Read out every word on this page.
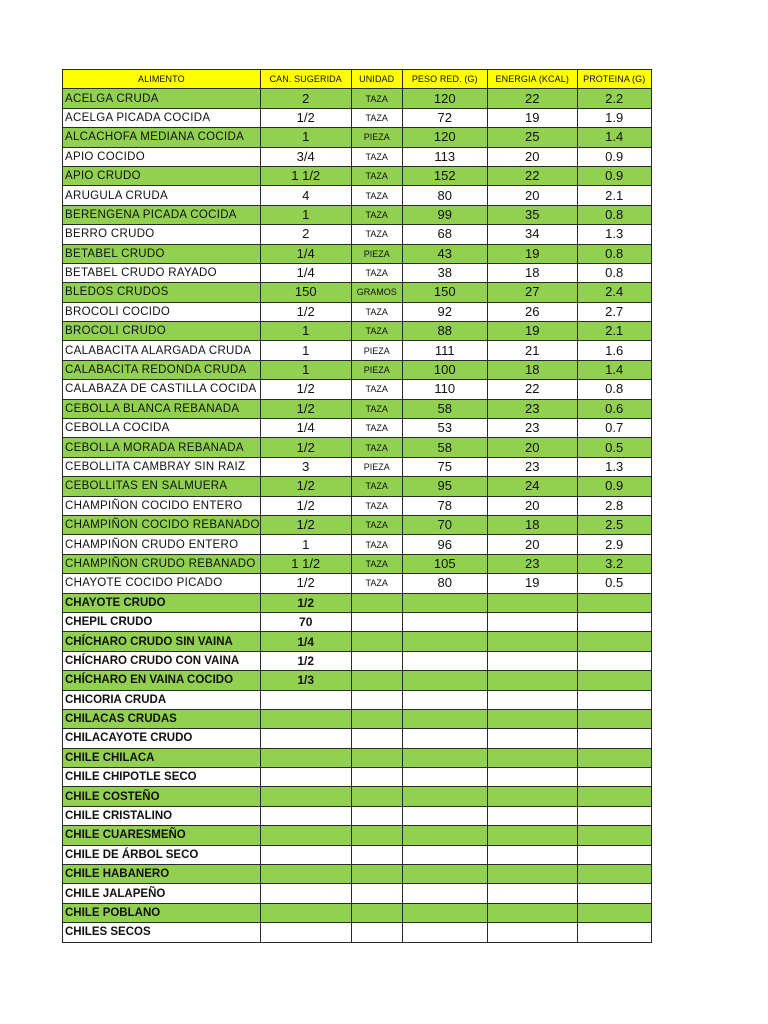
ALIMENTO	CAN. SUGERIDA	UNIDAD	PESO RED. (G)	ENERGIA (KCAL)	PROTEINA (G)
ACELGA CRUDA	2	TAZA	120	22	2.2
ACELGA PICADA COCIDA	1/2	TAZA	72	19	1.9
ALCACHOFA MEDIANA COCIDA	1	PIEZA	120	25	1.4
APIO COCIDO	3/4	TAZA	113	20	0.9
APIO CRUDO	1 1/2	TAZA	152	22	0.9
ARUGULA CRUDA	4	TAZA	80	20	2.1
BERENGENA PICADA COCIDA	1	TAZA	99	35	0.8
BERRO CRUDO	2	TAZA	68	34	1.3
BETABEL CRUDO	1/4	PIEZA	43	19	0.8
BETABEL CRUDO RAYADO	1/4	TAZA	38	18	0.8
BLEDOS CRUDOS	150	GRAMOS	150	27	2.4
BROCOLI COCIDO	1/2	TAZA	92	26	2.7
BROCOLI CRUDO	1	TAZA	88	19	2.1
CALABACITA ALARGADA CRUDA	1	PIEZA	111	21	1.6
CALABACITA REDONDA CRUDA	1	PIEZA	100	18	1.4
CALABAZA DE CASTILLA COCIDA	1/2	TAZA	110	22	0.8
CEBOLLA BLANCA REBANADA	1/2	TAZA	58	23	0.6
CEBOLLA COCIDA	1/4	TAZA	53	23	0.7
CEBOLLA MORADA REBANADA	1/2	TAZA	58	20	0.5
CEBOLLITA CAMBRAY SIN RAIZ	3	PIEZA	75	23	1.3
CEBOLLITAS EN SALMUERA	1/2	TAZA	95	24	0.9
CHAMPIÑON COCIDO ENTERO	1/2	TAZA	78	20	2.8
CHAMPIÑON COCIDO REBANADO	1/2	TAZA	70	18	2.5
CHAMPIÑON CRUDO ENTERO	1	TAZA	96	20	2.9
CHAMPIÑON CRUDO REBANADO	1 1/2	TAZA	105	23	3.2
CHAYOTE COCIDO PICADO	1/2	TAZA	80	19	0.5
CHAYOTE CRUDO	1/2				
CHEPIL CRUDO	70				
CHÍCHARO CRUDO SIN VAINA	1/4				
CHÍCHARO CRUDO CON VAINA	1/2				
CHÍCHARO EN VAINA COCIDO	1/3				
CHICORIA CRUDA					
CHILACAS CRUDAS					
CHILACAYOTE CRUDO					
CHILE CHILACA					
CHILE CHIPOTLE SECO					
CHILE COSTEÑO					
CHILE CRISTALINO					
CHILE CUARESMEÑO					
CHILE DE ÁRBOL SECO					
CHILE HABANERO					
CHILE JALAPEÑO					
CHILE POBLANO					
CHILES SECOS					
